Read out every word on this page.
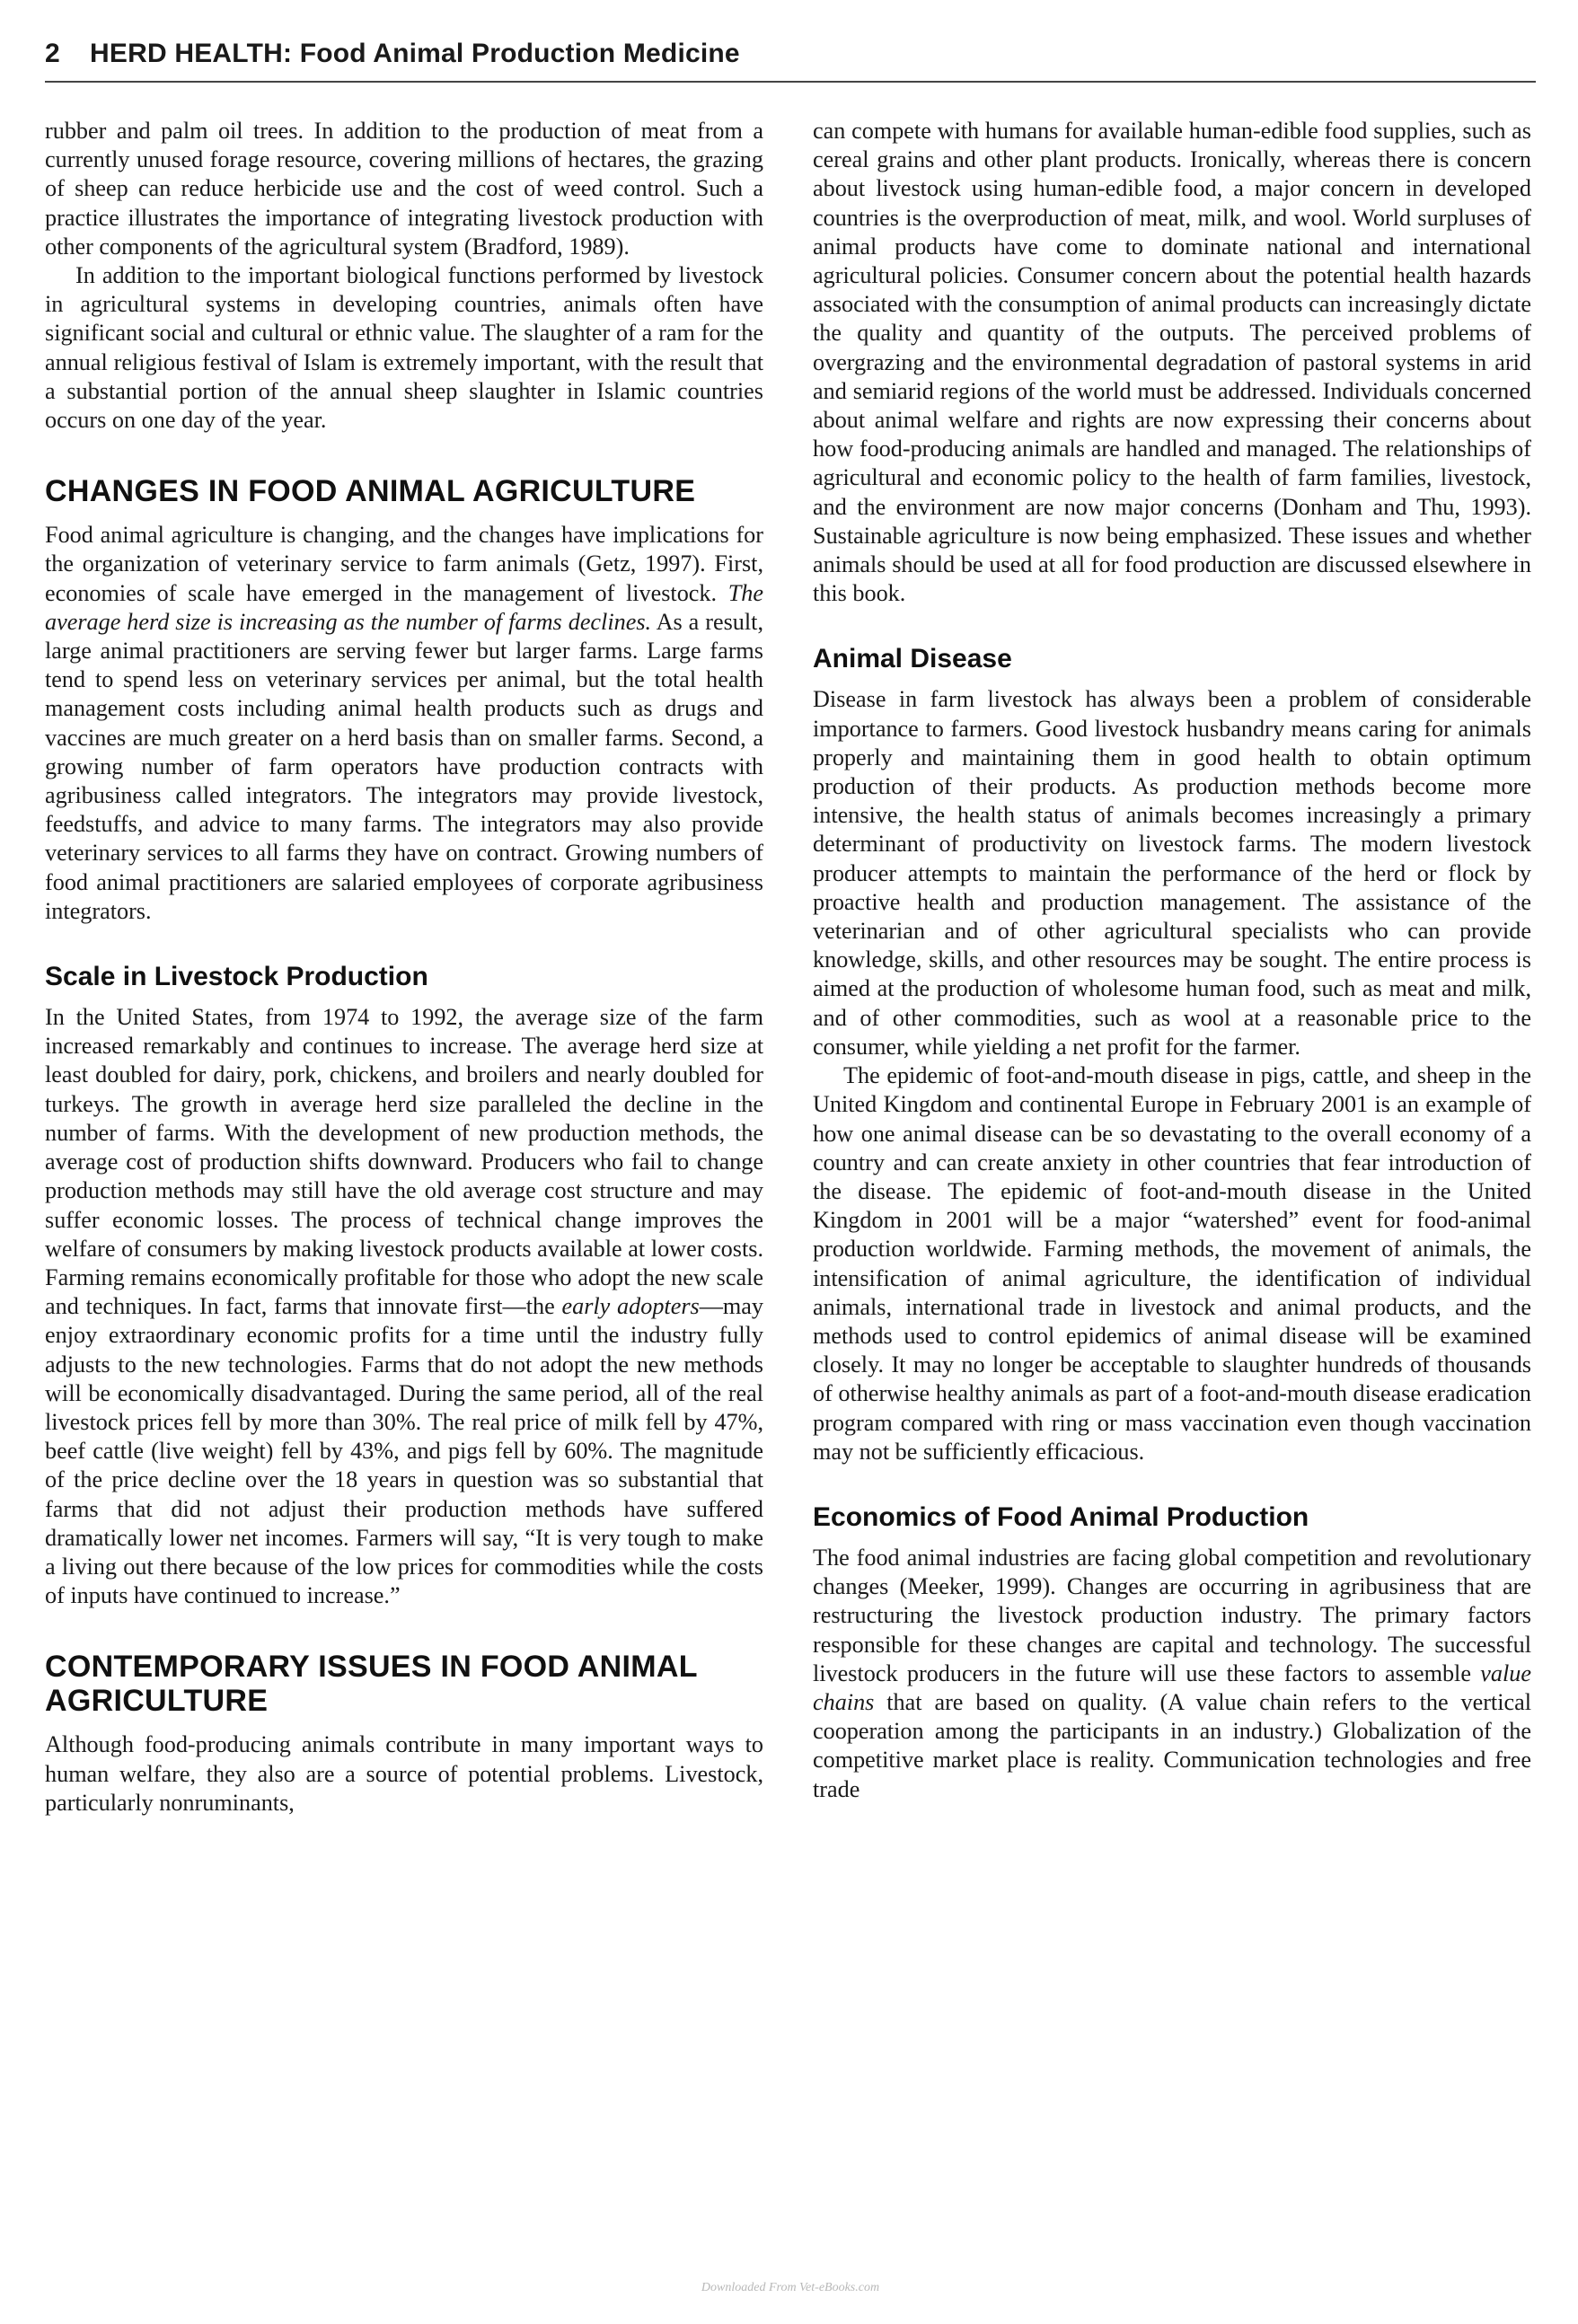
2	HERD HEALTH: Food Animal Production Medicine

rubber and palm oil trees. In addition to the production of meat from a currently unused forage resource, covering millions of hectares, the grazing of sheep can reduce herbicide use and the cost of weed control. Such a practice illustrates the importance of integrating livestock production with other components of the agricultural system (Bradford, 1989).

In addition to the important biological functions performed by livestock in agricultural systems in developing countries, animals often have significant social and cultural or ethnic value. The slaughter of a ram for the annual religious festival of Islam is extremely important, with the result that a substantial portion of the annual sheep slaughter in Islamic countries occurs on one day of the year.

CHANGES IN FOOD ANIMAL AGRICULTURE

Food animal agriculture is changing, and the changes have implications for the organization of veterinary service to farm animals (Getz, 1997). First, economies of scale have emerged in the management of livestock. The average herd size is increasing as the number of farms declines. As a result, large animal practitioners are serving fewer but larger farms. Large farms tend to spend less on veterinary services per animal, but the total health management costs including animal health products such as drugs and vaccines are much greater on a herd basis than on smaller farms. Second, a growing number of farm operators have production contracts with agribusiness called integrators. The integrators may provide livestock, feedstuffs, and advice to many farms. The integrators may also provide veterinary services to all farms they have on contract. Growing numbers of food animal practitioners are salaried employees of corporate agribusiness integrators.

Scale in Livestock Production

In the United States, from 1974 to 1992, the average size of the farm increased remarkably and continues to increase. The average herd size at least doubled for dairy, pork, chickens, and broilers and nearly doubled for turkeys. The growth in average herd size paralleled the decline in the number of farms. With the development of new production methods, the average cost of production shifts downward. Producers who fail to change production methods may still have the old average cost structure and may suffer economic losses. The process of technical change improves the welfare of consumers by making livestock products available at lower costs. Farming remains economically profitable for those who adopt the new scale and techniques. In fact, farms that innovate first—the early adopters—may enjoy extraordinary economic profits for a time until the industry fully adjusts to the new technologies. Farms that do not adopt the new methods will be economically disadvantaged. During the same period, all of the real livestock prices fell by more than 30%. The real price of milk fell by 47%, beef cattle (live weight) fell by 43%, and pigs fell by 60%. The magnitude of the price decline over the 18 years in question was so substantial that farms that did not adjust their production methods have suffered dramatically lower net incomes. Farmers will say, “It is very tough to make a living out there because of the low prices for commodities while the costs of inputs have continued to increase.”

CONTEMPORARY ISSUES IN FOOD ANIMAL AGRICULTURE

Although food-producing animals contribute in many important ways to human welfare, they also are a source of potential problems. Livestock, particularly nonruminants,

can compete with humans for available human-edible food supplies, such as cereal grains and other plant products. Ironically, whereas there is concern about livestock using human-edible food, a major concern in developed countries is the overproduction of meat, milk, and wool. World surpluses of animal products have come to dominate national and international agricultural policies. Consumer concern about the potential health hazards associated with the consumption of animal products can increasingly dictate the quality and quantity of the outputs. The perceived problems of overgrazing and the environmental degradation of pastoral systems in arid and semiarid regions of the world must be addressed. Individuals concerned about animal welfare and rights are now expressing their concerns about how food-producing animals are handled and managed. The relationships of agricultural and economic policy to the health of farm families, livestock, and the environment are now major concerns (Donham and Thu, 1993). Sustainable agriculture is now being emphasized. These issues and whether animals should be used at all for food production are discussed elsewhere in this book.

Animal Disease

Disease in farm livestock has always been a problem of considerable importance to farmers. Good livestock husbandry means caring for animals properly and maintaining them in good health to obtain optimum production of their products. As production methods become more intensive, the health status of animals becomes increasingly a primary determinant of productivity on livestock farms. The modern livestock producer attempts to maintain the performance of the herd or flock by proactive health and production management. The assistance of the veterinarian and of other agricultural specialists who can provide knowledge, skills, and other resources may be sought. The entire process is aimed at the production of wholesome human food, such as meat and milk, and of other commodities, such as wool at a reasonable price to the consumer, while yielding a net profit for the farmer.

The epidemic of foot-and-mouth disease in pigs, cattle, and sheep in the United Kingdom and continental Europe in February 2001 is an example of how one animal disease can be so devastating to the overall economy of a country and can create anxiety in other countries that fear introduction of the disease. The epidemic of foot-and-mouth disease in the United Kingdom in 2001 will be a major “watershed” event for food-animal production worldwide. Farming methods, the movement of animals, the intensification of animal agriculture, the identification of individual animals, international trade in livestock and animal products, and the methods used to control epidemics of animal disease will be examined closely. It may no longer be acceptable to slaughter hundreds of thousands of otherwise healthy animals as part of a foot-and-mouth disease eradication program compared with ring or mass vaccination even though vaccination may not be sufficiently efficacious.

Economics of Food Animal Production

The food animal industries are facing global competition and revolutionary changes (Meeker, 1999). Changes are occurring in agribusiness that are restructuring the livestock production industry. The primary factors responsible for these changes are capital and technology. The successful livestock producers in the future will use these factors to assemble value chains that are based on quality. (A value chain refers to the vertical cooperation among the participants in an industry.) Globalization of the competitive market place is reality. Communication technologies and free trade

Downloaded From Vet-eBooks.com
